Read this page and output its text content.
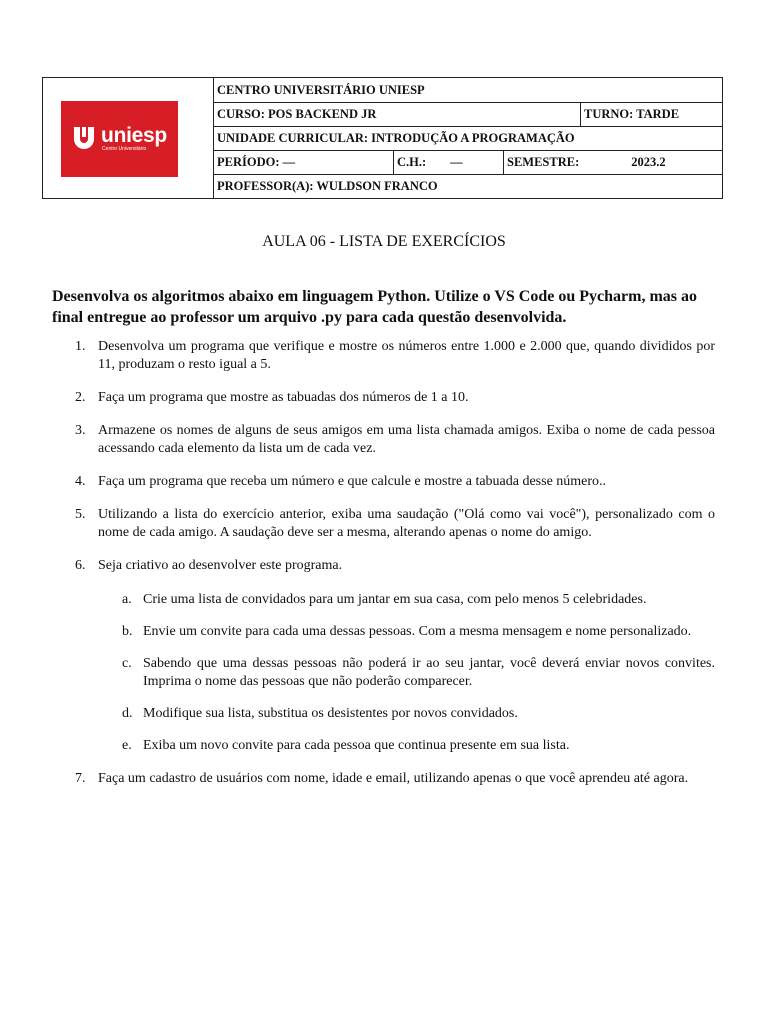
uniesp
Centro Universitário
CENTRO UNIVERSITÁRIO UNIESP
CURSO: POS BACKEND JR	TURNO: TARDE
UNIDADE CURRICULAR: INTRODUÇÃO A PROGRAMAÇÃO
PERÍODO: —	C.H.: —	SEMESTRE:	2023.2
PROFESSOR(A): WULDSON FRANCO
AULA 06 - LISTA DE EXERCÍCIOS
Desenvolva os algoritmos abaixo em linguagem Python. Utilize o VS Code ou Pycharm, mas ao final entregue ao professor um arquivo .py para cada questão desenvolvida.
1. Desenvolva um programa que verifique e mostre os números entre 1.000 e 2.000 que, quando divididos por 11, produzam o resto igual a 5.
2. Faça um programa que mostre as tabuadas dos números de 1 a 10.
3. Armazene os nomes de alguns de seus amigos em uma lista chamada amigos. Exiba o nome de cada pessoa acessando cada elemento da lista um de cada vez.
4. Faça um programa que receba um número e que calcule e mostre a tabuada desse número..
5. Utilizando a lista do exercício anterior, exiba uma saudação ("Olá como vai você"), personalizado com o nome de cada amigo. A saudação deve ser a mesma, alterando apenas o nome do amigo.
6. Seja criativo ao desenvolver este programa.
a. Crie uma lista de convidados para um jantar em sua casa, com pelo menos 5 celebridades.
b. Envie um convite para cada uma dessas pessoas. Com a mesma mensagem e nome personalizado.
c. Sabendo que uma dessas pessoas não poderá ir ao seu jantar, você deverá enviar novos convites. Imprima o nome das pessoas que não poderão comparecer.
d. Modifique sua lista, substitua os desistentes por novos convidados.
e. Exiba um novo convite para cada pessoa que continua presente em sua lista.
7. Faça um cadastro de usuários com nome, idade e email, utilizando apenas o que você aprendeu até agora.
